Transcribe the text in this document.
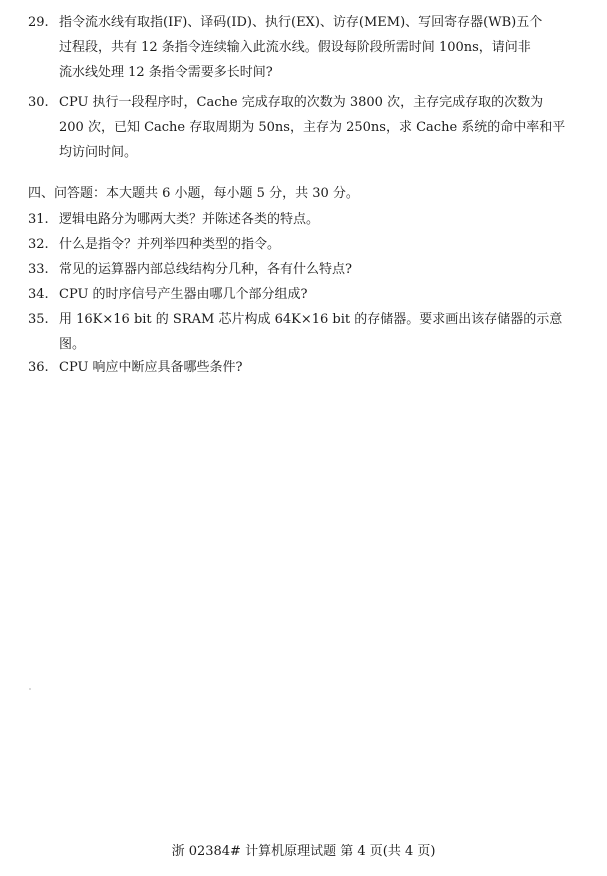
29. 指令流水线有取指(IF)、译码(ID)、执行(EX)、访存(MEM)、写回寄存器(WB)五个
过程段，共有 12 条指令连续输入此流水线。假设每阶段所需时间 100ns，请问非
流水线处理 12 条指令需要多长时间?
30. CPU 执行一段程序时，Cache 完成存取的次数为 3800 次，主存完成存取的次数为
200 次，已知 Cache 存取周期为 50ns，主存为 250ns，求 Cache 系统的命中率和平
均访问时间。
四、问答题：本大题共 6 小题，每小题 5 分，共 30 分。
31. 逻辑电路分为哪两大类？并陈述各类的特点。
32. 什么是指令？并列举四种类型的指令。
33. 常见的运算器内部总线结构分几种，各有什么特点?
34. CPU 的时序信号产生器由哪几个部分组成?
35. 用 16K×16 bit 的 SRAM 芯片构成 64K×16 bit 的存储器。要求画出该存储器的示意
图。
36. CPU 响应中断应具备哪些条件?
浙 02384# 计算机原理试题 第 4 页(共 4 页)
